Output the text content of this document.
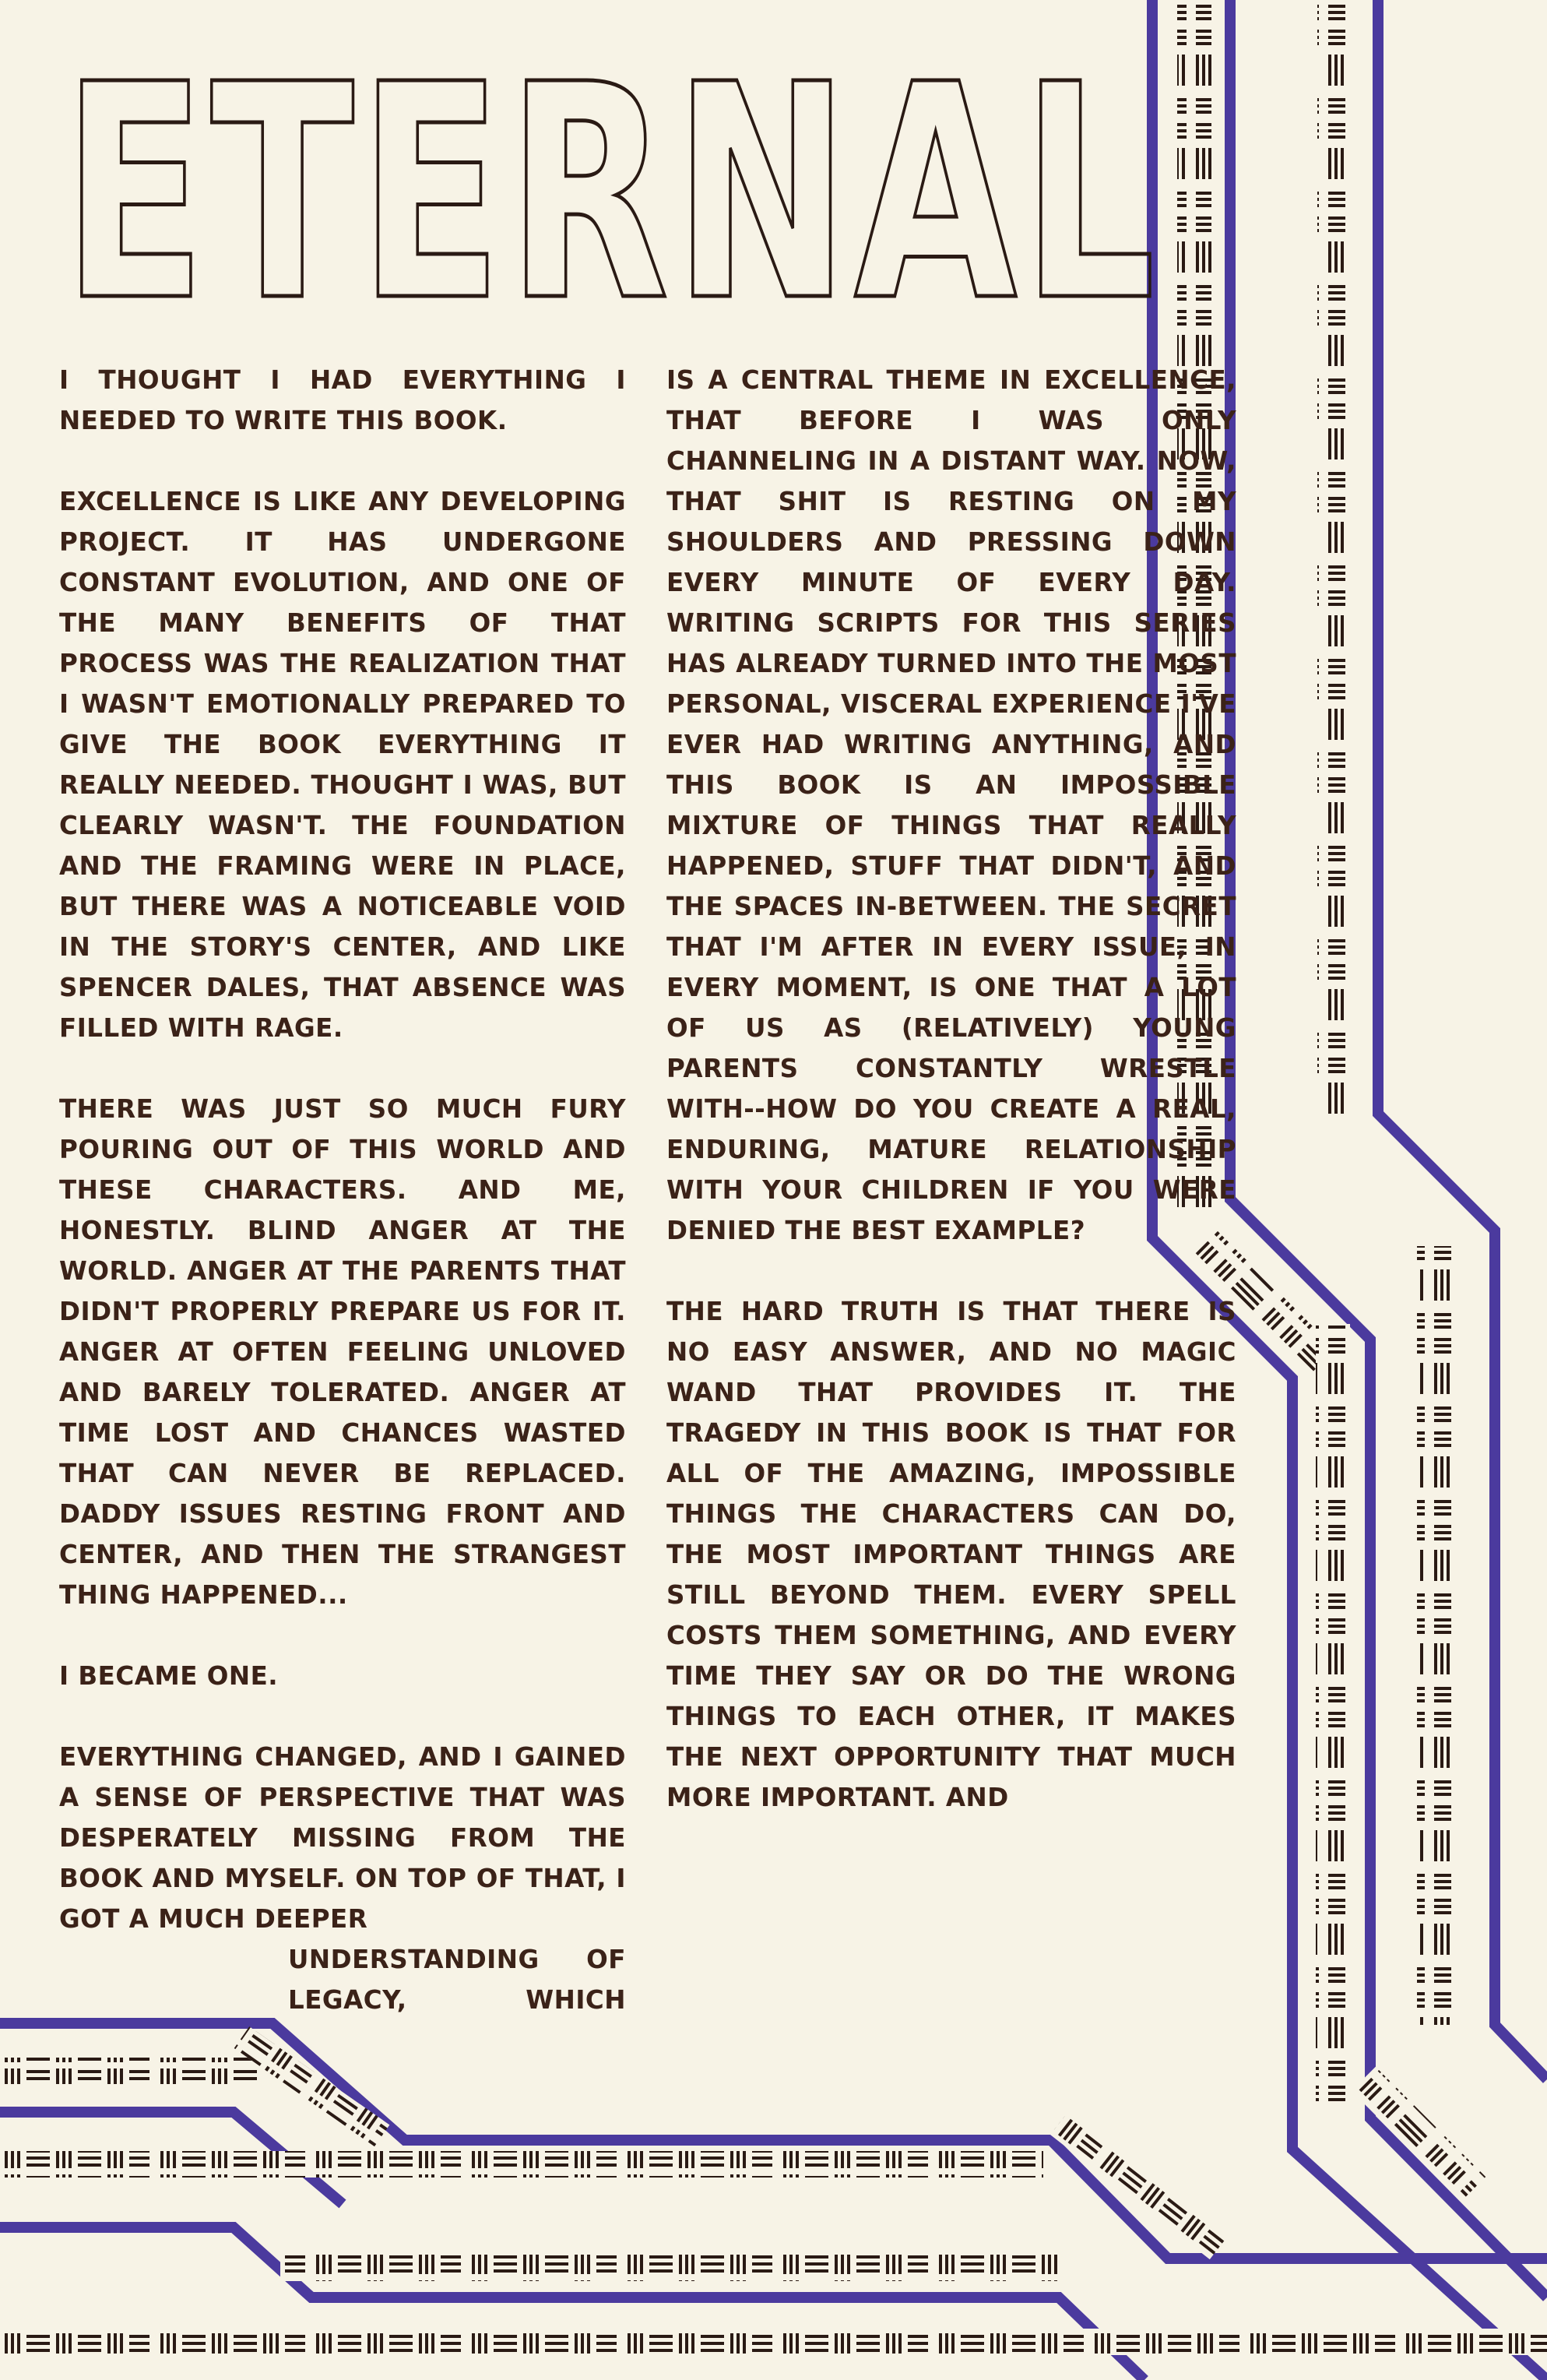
ETERNAL

I THOUGHT I HAD EVERYTHING I NEEDED TO WRITE THIS BOOK.

EXCELLENCE IS LIKE ANY DEVELOPING PROJECT. IT HAS UNDERGONE CONSTANT EVOLUTION, AND ONE OF THE MANY BENEFITS OF THAT PROCESS WAS THE REALIZATION THAT I WASN'T EMOTIONALLY PREPARED TO GIVE THE BOOK EVERYTHING IT REALLY NEEDED. THOUGHT I WAS, BUT CLEARLY WASN'T. THE FOUNDATION AND THE FRAMING WERE IN PLACE, BUT THERE WAS A NOTICEABLE VOID IN THE STORY'S CENTER, AND LIKE SPENCER DALES, THAT ABSENCE WAS FILLED WITH RAGE.

THERE WAS JUST SO MUCH FURY POURING OUT OF THIS WORLD AND THESE CHARACTERS. AND ME, HONESTLY. BLIND ANGER AT THE WORLD. ANGER AT THE PARENTS THAT DIDN'T PROPERLY PREPARE US FOR IT. ANGER AT OFTEN FEELING UNLOVED AND BARELY TOLERATED. ANGER AT TIME LOST AND CHANCES WASTED THAT CAN NEVER BE REPLACED. DADDY ISSUES RESTING FRONT AND CENTER, AND THEN THE STRANGEST THING HAPPENED...

I BECAME ONE.

EVERYTHING CHANGED, AND I GAINED A SENSE OF PERSPECTIVE THAT WAS DESPERATELY MISSING FROM THE BOOK AND MYSELF. ON TOP OF THAT, I GOT A MUCH DEEPER
UNDERSTANDING OF LEGACY, WHICH

IS A CENTRAL THEME IN EXCELLENCE, THAT BEFORE I WAS ONLY CHANNELING IN A DISTANT WAY. NOW, THAT SHIT IS RESTING ON MY SHOULDERS AND PRESSING DOWN EVERY MINUTE OF EVERY DAY. WRITING SCRIPTS FOR THIS SERIES HAS ALREADY TURNED INTO THE MOST PERSONAL, VISCERAL EXPERIENCE I'VE EVER HAD WRITING ANYTHING, AND THIS BOOK IS AN IMPOSSIBLE MIXTURE OF THINGS THAT REALLY HAPPENED, STUFF THAT DIDN'T, AND THE SPACES IN-BETWEEN. THE SECRET THAT I'M AFTER IN EVERY ISSUE, IN EVERY MOMENT, IS ONE THAT A LOT OF US AS (RELATIVELY) YOUNG PARENTS CONSTANTLY WRESTLE WITH--HOW DO YOU CREATE A REAL, ENDURING, MATURE RELATIONSHIP WITH YOUR CHILDREN IF YOU WERE DENIED THE BEST EXAMPLE?

THE HARD TRUTH IS THAT THERE IS NO EASY ANSWER, AND NO MAGIC WAND THAT PROVIDES IT. THE TRAGEDY IN THIS BOOK IS THAT FOR ALL OF THE AMAZING, IMPOSSIBLE THINGS THE CHARACTERS CAN DO, THE MOST IMPORTANT THINGS ARE STILL BEYOND THEM. EVERY SPELL COSTS THEM SOMETHING, AND EVERY TIME THEY SAY OR DO THE WRONG THINGS TO EACH OTHER, IT MAKES THE NEXT OPPORTUNITY THAT MUCH MORE IMPORTANT. AND
